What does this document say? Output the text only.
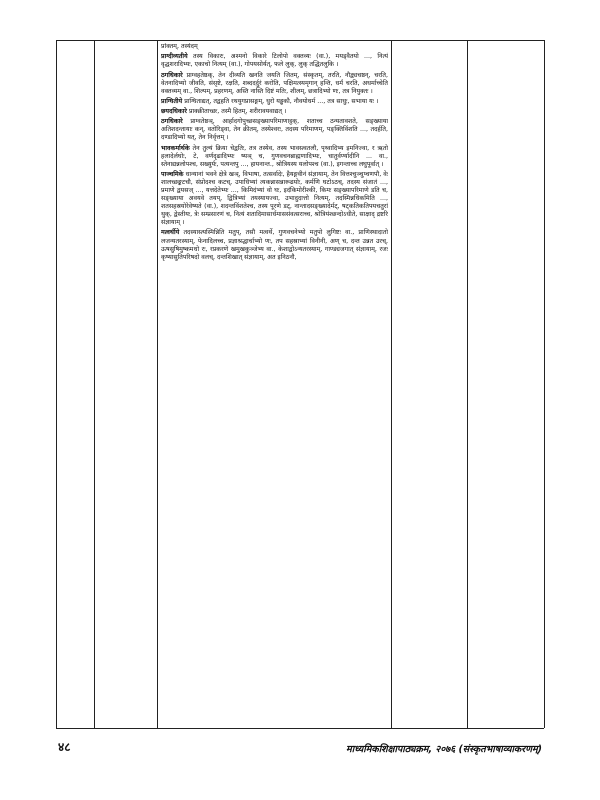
प्रोक्तम्, तस्येदम्

प्राग्दीव्यतीये तस्य विकारः, अश्मनो विकारे टिलोपो वक्तव्यः (वा.), मयड्वैतयो ..., नित्यं वृद्धशरादिभ्यः, एकाचो नित्यम् (वा.), गोपयसोर्यत्, फले लुक्, लुक् तद्धितलुकि ।

ठगधिकारे प्राग्वहतेष्ठक्, तेन दीव्यति खनति जयति जितम्, संस्कृतम्, तरति, नौद्व्यचष्ठन्, चरति, वेतनादिभ्यो जीवति, संसृष्टे, रक्षति, शब्ददर्दुरं करोति, पक्षिमत्स्यमृगान् हन्ति, धर्मं चरति, अधर्माच्चेति वक्तव्यम् वा., शिल्पम्, प्रहरणम्, अस्ति नास्ति दिष्टं मतिः, शीलम्, छत्रादिभ्यो णः, तत्र नियुक्तः ।

प्राग्घितीये प्राग्घिताद्यत्, तद्वहति रथयुगप्रासङ्गम्, धुरो यड्ढकौ, नौवयोधर्म ..., तत्र साधुः, सभाया यः ।

छयदधिकारे प्राक्क्रीताच्छः, तस्मै हितम्, शरीरावयवाद्यत् ।

ठगधिकारे प्राग्वतेष्ठञ्, आर्हादगोपुच्छसङ्ख्यापरिमाणाट्ठक्, शताच्च ठन्यतावशते, सङ्ख्याया अतिशदन्तायाः कन्, वतोरिड्वा, तेन क्रीतम्, तस्येश्वरः, तदस्य परिमाणम्, पङ्क्तिविंशति ..., तदर्हति, दण्डादिभ्यो यत्, तेन निर्वृत्तम् ।

भावकर्मार्थके तेन तुल्यं क्रिया चेद्वतिः, तत्र तस्येव, तस्य भावस्त्वतलौ, पृथ्वादिभ्य इमनिज्वा, र ऋतो हलादेर्लघोः, टे, वर्णदृढादिभ्यः ष्यञ् च, गुणवचनब्राह्मणादिभ्यः, चातुर्वर्ण्यादीनि ... वा., स्तेनाद्यन्नलोपश्च, सख्युर्यः, पत्यन्तपु ..., हायनान्त., श्रोत्रियस्य यलोपश्च (वा.), इगन्ताच्च लघुपूर्वात् ।

पाञ्चमिके धान्यानां भवने क्षेत्रे खञ्, विभाषा, तत्सर्वादेः, हैयङ्गवीनं संज्ञायाम्, तेन वित्तश्चुञ्चुप्चणपौ, वेः शालच्छङ्कटचौ, संप्रोदश्च कटच्, उपाधिभ्यां त्यकन्नासन्नारूढयोः, कर्मणि घटोऽठच्, तदस्य संजातं ..., प्रमाणे द्वयसज् ..., यत्तदेतेभ्यः ..., किमिदंभ्यां वो घः, इदंकिमोरीश्की, किमः सङ्ख्यापरिमाणे डति च, सङ्ख्याया अवयवे तयप्, द्वित्रिभ्यां तयस्यायज्वा, उभादुदात्तो नित्यम्, तदस्मिन्नधिकमिति ..., शतसहस्रयोरेवेष्यते (वा.), शदन्तविंशतेश्च, तस्य पूरणे डट्, नान्तादसङ्ख्यादेर्मट्, षट्कतिकतिपयचतुरां थुक्, द्वेस्तीयः, त्रेः सम्प्रसारणं च, नित्यं शतादिमासार्धमाससंवत्सराच्च, श्रोत्रियंश्छन्दोऽधीते, साक्षाद् द्रष्टरि संज्ञायाम् ।

मत्वर्थीये तदस्यास्त्यस्मिन्निति मतुप्, तसौ मत्वर्थे, गुणवचनेभ्यो मतुपो लुगिष्टः वा., प्राणिस्थादातो लजन्यतरस्याम्, फेनादिलच्च, प्रज्ञाश्रद्धार्चाभ्यो णः, तप सहस्राभ्यां विनीनी, अण् च, दन्त उन्नत उरच्, ऊषसुषिमुष्कमधो रः, रप्रकरणे खमुखकुञ्जेभ्य वा., केशाद्वोऽन्यतरस्याम्, गाण्ड्यजगात् संज्ञायाम्, रजः कृष्यासुतिपरिषदो वलच्, दन्तशिखात् संज्ञायाम्, अत इनिठनौ,

४८	माध्यमिकशिक्षापाठ्यक्रम, २०७६ (संस्कृतभाषाव्याकरणम्)
